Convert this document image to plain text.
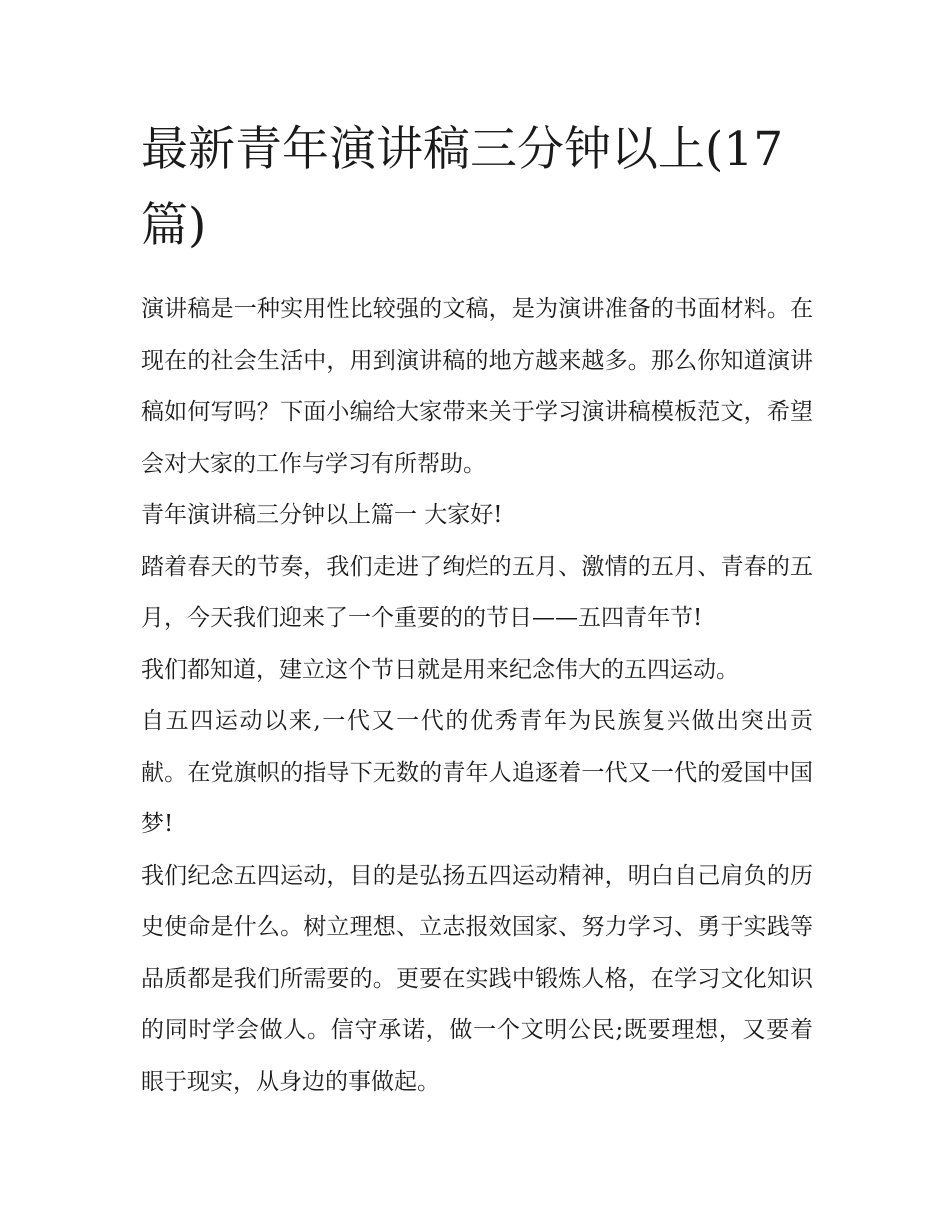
最新青年演讲稿三分钟以上(17篇)

演讲稿是一种实用性比较强的文稿，是为演讲准备的书面材料。在现在的社会生活中，用到演讲稿的地方越来越多。那么你知道演讲稿如何写吗？下面小编给大家带来关于学习演讲稿模板范文，希望会对大家的工作与学习有所帮助。

青年演讲稿三分钟以上篇一 大家好!

踏着春天的节奏，我们走进了绚烂的五月、激情的五月、青春的五月，今天我们迎来了一个重要的的节日——五四青年节!

我们都知道，建立这个节日就是用来纪念伟大的五四运动。

自五四运动以来,一代又一代的优秀青年为民族复兴做出突出贡献。在党旗帜的指导下无数的青年人追逐着一代又一代的爱国中国梦!

我们纪念五四运动，目的是弘扬五四运动精神，明白自己肩负的历史使命是什么。树立理想、立志报效国家、努力学习、勇于实践等品质都是我们所需要的。更要在实践中锻炼人格，在学习文化知识的同时学会做人。信守承诺，做一个文明公民;既要理想，又要着眼于现实，从身边的事做起。
